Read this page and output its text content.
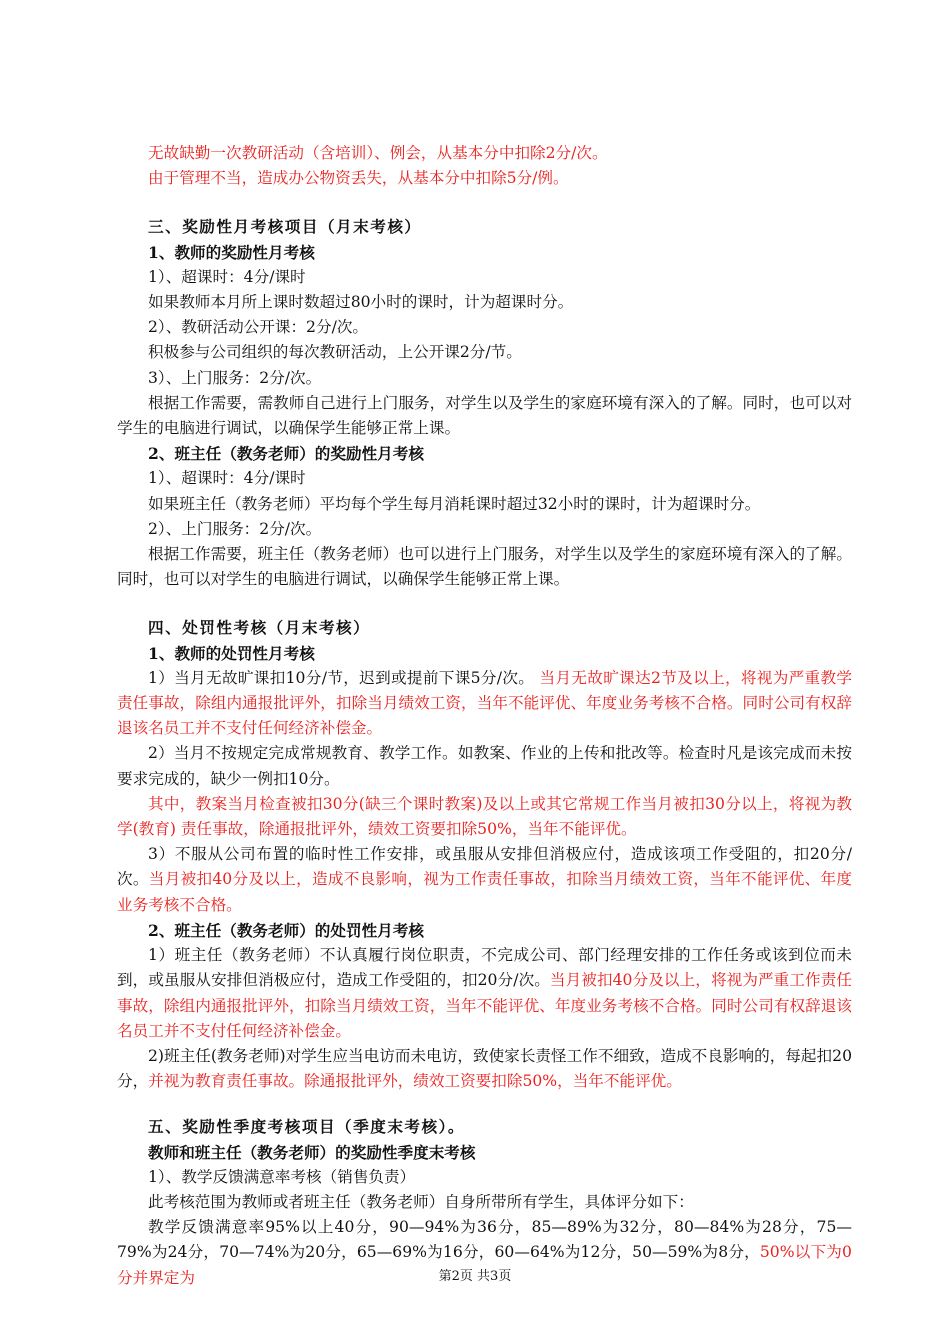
无故缺勤一次教研活动（含培训）、例会，从基本分中扣除2分/次。

由于管理不当，造成办公物资丢失，从基本分中扣除5分/例。

三、奖励性月考核项目（月末考核）

1、教师的奖励性月考核

1）、超课时：4分/课时

如果教师本月所上课时数超过80小时的课时，计为超课时分。

2）、教研活动公开课：2分/次。

积极参与公司组织的每次教研活动，上公开课2分/节。

3）、上门服务：2分/次。

根据工作需要，需教师自己进行上门服务，对学生以及学生的家庭环境有深入的了解。同时，也可以对学生的电脑进行调试，以确保学生能够正常上课。

2、班主任（教务老师）的奖励性月考核

1）、超课时：4分/课时

如果班主任（教务老师）平均每个学生每月消耗课时超过32小时的课时，计为超课时分。

2）、上门服务：2分/次。

根据工作需要，班主任（教务老师）也可以进行上门服务，对学生以及学生的家庭环境有深入的了解。同时，也可以对学生的电脑进行调试，以确保学生能够正常上课。

四、处罚性考核（月末考核）

1、教师的处罚性月考核

1）当月无故旷课扣10分/节，迟到或提前下课5分/次。 当月无故旷课达2节及以上，将视为严重教学责任事故，除组内通报批评外，扣除当月绩效工资，当年不能评优、年度业务考核不合格。同时公司有权辞退该名员工并不支付任何经济补偿金。

2）当月不按规定完成常规教育、教学工作。如教案、作业的上传和批改等。检查时凡是该完成而未按要求完成的，缺少一例扣10分。

其中，教案当月检查被扣30分(缺三个课时教案)及以上或其它常规工作当月被扣30分以上，将视为教学(教育) 责任事故，除通报批评外，绩效工资要扣除50%，当年不能评优。

3）不服从公司布置的临时性工作安排，或虽服从安排但消极应付，造成该项工作受阻的，扣20分/次。当月被扣40分及以上，造成不良影响，视为工作责任事故，扣除当月绩效工资，当年不能评优、年度业务考核不合格。

2、班主任（教务老师）的处罚性月考核

1）班主任（教务老师）不认真履行岗位职责，不完成公司、部门经理安排的工作任务或该到位而未到，或虽服从安排但消极应付，造成工作受阻的，扣20分/次。当月被扣40分及以上，将视为严重工作责任事故，除组内通报批评外，扣除当月绩效工资，当年不能评优、年度业务考核不合格。同时公司有权辞退该名员工并不支付任何经济补偿金。

2)班主任(教务老师)对学生应当电访而未电访，致使家长责怪工作不细致，造成不良影响的，每起扣20分，并视为教育责任事故。除通报批评外，绩效工资要扣除50%，当年不能评优。

五、奖励性季度考核项目（季度末考核）。

教师和班主任（教务老师）的奖励性季度末考核

1）、教学反馈满意率考核（销售负责）

此考核范围为教师或者班主任（教务老师）自身所带所有学生，具体评分如下：

教学反馈满意率95%以上40分，90—94%为36分，85—89%为32分，80—84%为28分，75—79%为24分，70—74%为20分，65—69%为16分，60—64%为12分，50—59%为8分，50%以下为0分并界定为	第2页 共3页
